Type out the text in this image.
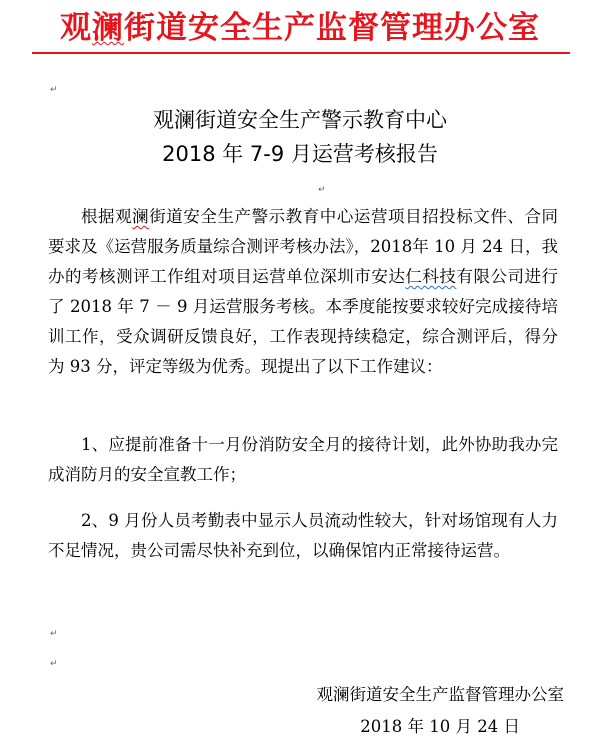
观澜街道安全生产监督管理办公室
↵
观澜街道安全生产警示教育中心
2018 年 7-9 月运营考核报告
↵

根据观澜街道安全生产警示教育中心运营项目招投标文件、合同要求及《运营服务质量综合测评考核办法》，2018年 10 月 24 日，我办的考核测评工作组对项目运营单位深圳市安达仁科技有限公司进行了 2018 年 7 － 9 月运营服务考核。本季度能按要求较好完成接待培训工作，受众调研反馈良好，工作表现持续稳定，综合测评后，得分为 93 分，评定等级为优秀。现提出了以下工作建议：

1、应提前准备十一月份消防安全月的接待计划，此外协助我办完成消防月的安全宣教工作；

2、9 月份人员考勤表中显示人员流动性较大，针对场馆现有人力不足情况，贵公司需尽快补充到位，以确保馆内正常接待运营。

↵
↵
观澜街道安全生产监督管理办公室
2018 年 10 月 24 日
